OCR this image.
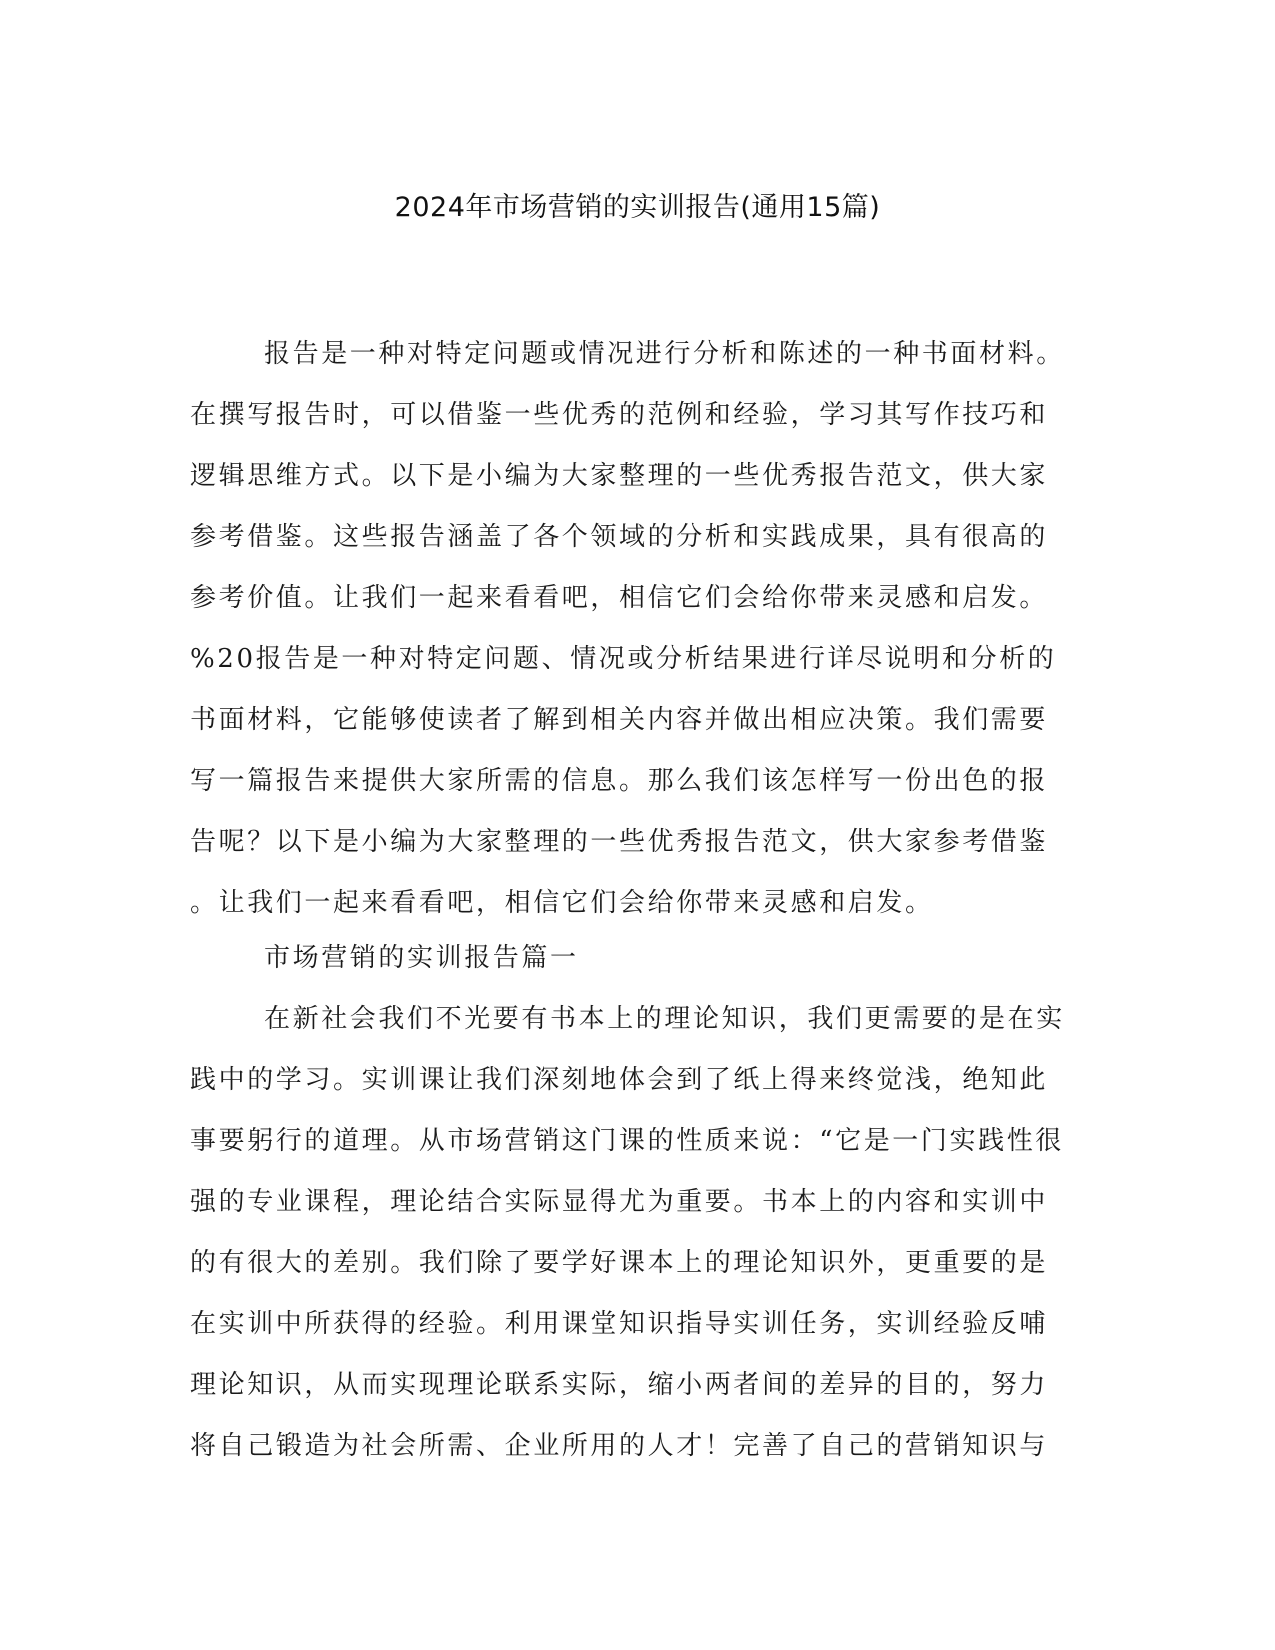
2024年市场营销的实训报告(通用15篇)
报告是一种对特定问题或情况进行分析和陈述的一种书面材料。
在撰写报告时，可以借鉴一些优秀的范例和经验，学习其写作技巧和
逻辑思维方式。以下是小编为大家整理的一些优秀报告范文，供大家
参考借鉴。这些报告涵盖了各个领域的分析和实践成果，具有很高的
参考价值。让我们一起来看看吧，相信它们会给你带来灵感和启发。
%20报告是一种对特定问题、情况或分析结果进行详尽说明和分析的
书面材料，它能够使读者了解到相关内容并做出相应决策。我们需要
写一篇报告来提供大家所需的信息。那么我们该怎样写一份出色的报
告呢？以下是小编为大家整理的一些优秀报告范文，供大家参考借鉴
。让我们一起来看看吧，相信它们会给你带来灵感和启发。
市场营销的实训报告篇一
在新社会我们不光要有书本上的理论知识，我们更需要的是在实
践中的学习。实训课让我们深刻地体会到了纸上得来终觉浅，绝知此
事要躬行的道理。从市场营销这门课的性质来说：“它是一门实践性很
强的专业课程，理论结合实际显得尤为重要。书本上的内容和实训中
的有很大的差别。我们除了要学好课本上的理论知识外，更重要的是
在实训中所获得的经验。利用课堂知识指导实训任务，实训经验反哺
理论知识，从而实现理论联系实际，缩小两者间的差异的目的，努力
将自己锻造为社会所需、企业所用的人才！完善了自己的营销知识与
